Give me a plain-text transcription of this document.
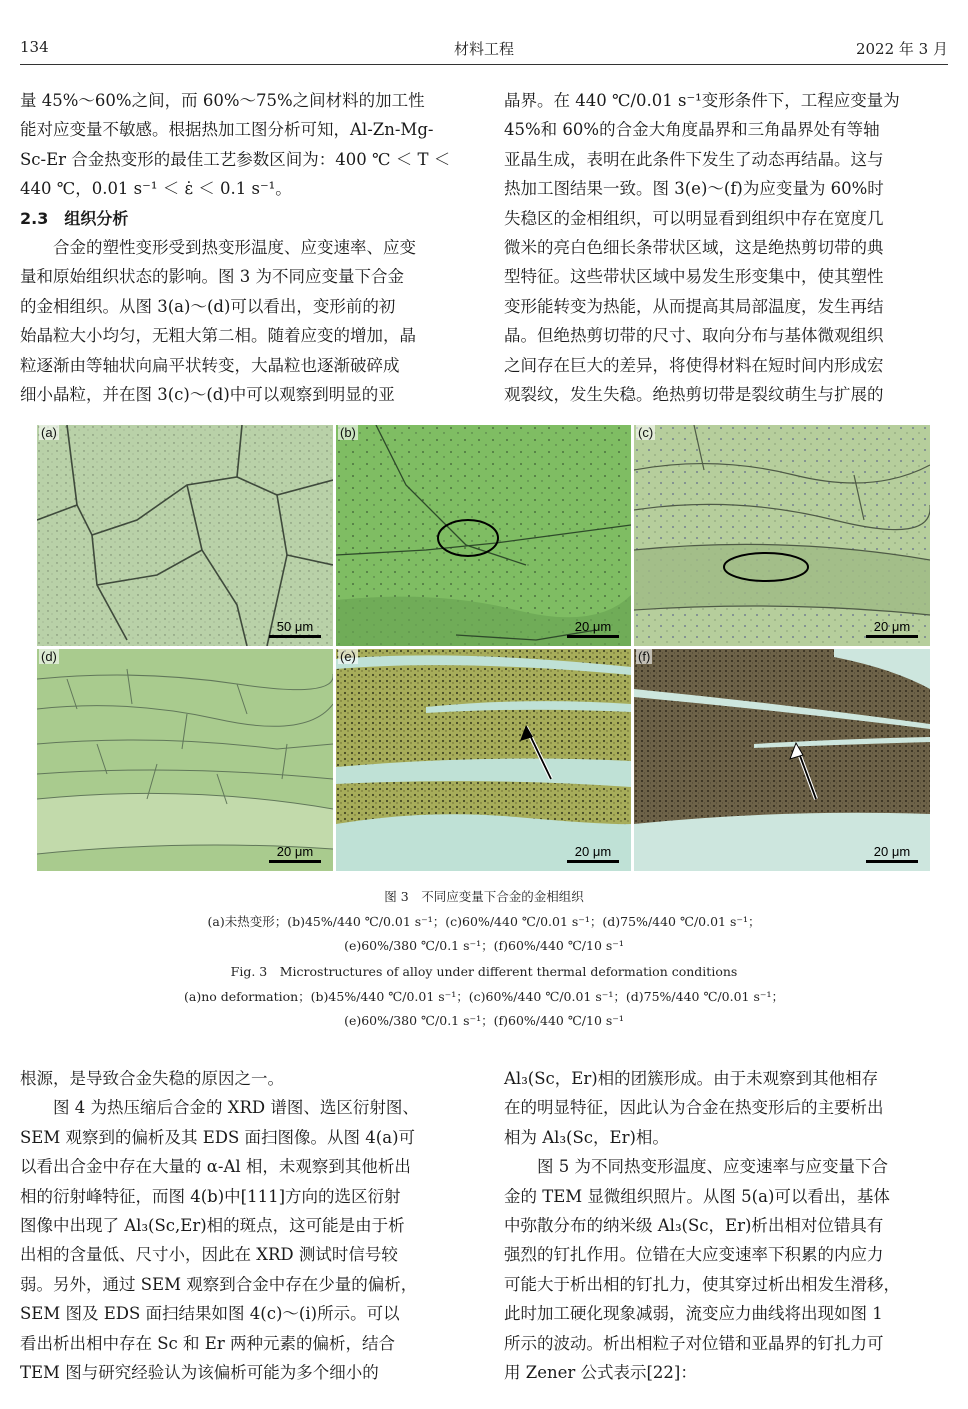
134	材料工程	2022 年 3 月

量 45%～60%之间，而 60%～75%之间材料的加工性

能对应变量不敏感。根据热加工图分析可知，Al-Zn-Mg-

Sc-Er 合金热变形的最佳工艺参数区间为：400 ℃ ＜ T ＜

440 ℃，0.01 s⁻¹ ＜ ε̇ ＜ 0.1 s⁻¹。

2.3　组织分析

合金的塑性变形受到热变形温度、应变速率、应变

量和原始组织状态的影响。图 3 为不同应变量下合金

的金相组织。从图 3(a)～(d)可以看出，变形前的初

始晶粒大小均匀，无粗大第二相。随着应变的增加，晶

粒逐渐由等轴状向扁平状转变，大晶粒也逐渐破碎成

细小晶粒，并在图 3(c)～(d)中可以观察到明显的亚

晶界。在 440 ℃/0.01 s⁻¹变形条件下，工程应变量为

45%和 60%的合金大角度晶界和三角晶界处有等轴

亚晶生成，表明在此条件下发生了动态再结晶。这与

热加工图结果一致。图 3(e)～(f)为应变量为 60%时

失稳区的金相组织，可以明显看到组织中存在宽度几

微米的亮白色细长条带状区域，这是绝热剪切带的典

型特征。这些带状区域中易发生形变集中，使其塑性

变形能转变为热能，从而提高其局部温度，发生再结

晶。但绝热剪切带的尺寸、取向分布与基体微观组织

之间存在巨大的差异，将使得材料在短时间内形成宏

观裂纹，发生失稳。绝热剪切带是裂纹萌生与扩展的

(a)
50 μm
(b)
20 μm
(c)
20 μm
(d)
20 μm
(e)
20 μm
(f)
20 μm
图 3　不同应变量下合金的金相组织
(a)未热变形；(b)45%/440 ℃/0.01 s⁻¹；(c)60%/440 ℃/0.01 s⁻¹；(d)75%/440 ℃/0.01 s⁻¹；
(e)60%/380 ℃/0.1 s⁻¹；(f)60%/440 ℃/10 s⁻¹
Fig. 3　Microstructures of alloy under different thermal deformation conditions
(a)no deformation；(b)45%/440 ℃/0.01 s⁻¹；(c)60%/440 ℃/0.01 s⁻¹；(d)75%/440 ℃/0.01 s⁻¹；
(e)60%/380 ℃/0.1 s⁻¹；(f)60%/440 ℃/10 s⁻¹

根源，是导致合金失稳的原因之一。

图 4 为热压缩后合金的 XRD 谱图、选区衍射图、

SEM 观察到的偏析及其 EDS 面扫图像。从图 4(a)可

以看出合金中存在大量的 α-Al 相，未观察到其他析出

相的衍射峰特征，而图 4(b)中[111]方向的选区衍射

图像中出现了 Al₃(Sc,Er)相的斑点，这可能是由于析

出相的含量低、尺寸小，因此在 XRD 测试时信号较

弱。另外，通过 SEM 观察到合金中存在少量的偏析，

SEM 图及 EDS 面扫结果如图 4(c)～(i)所示。可以

看出析出相中存在 Sc 和 Er 两种元素的偏析，结合

TEM 图与研究经验认为该偏析可能为多个细小的

Al₃(Sc，Er)相的团簇形成。由于未观察到其他相存

在的明显特征，因此认为合金在热变形后的主要析出

相为 Al₃(Sc，Er)相。

图 5 为不同热变形温度、应变速率与应变量下合

金的 TEM 显微组织照片。从图 5(a)可以看出，基体

中弥散分布的纳米级 Al₃(Sc，Er)析出相对位错具有

强烈的钉扎作用。位错在大应变速率下积累的内应力

可能大于析出相的钉扎力，使其穿过析出相发生滑移，

此时加工硬化现象减弱，流变应力曲线将出现如图 1

所示的波动。析出相粒子对位错和亚晶界的钉扎力可

用 Zener 公式表示[22]：
